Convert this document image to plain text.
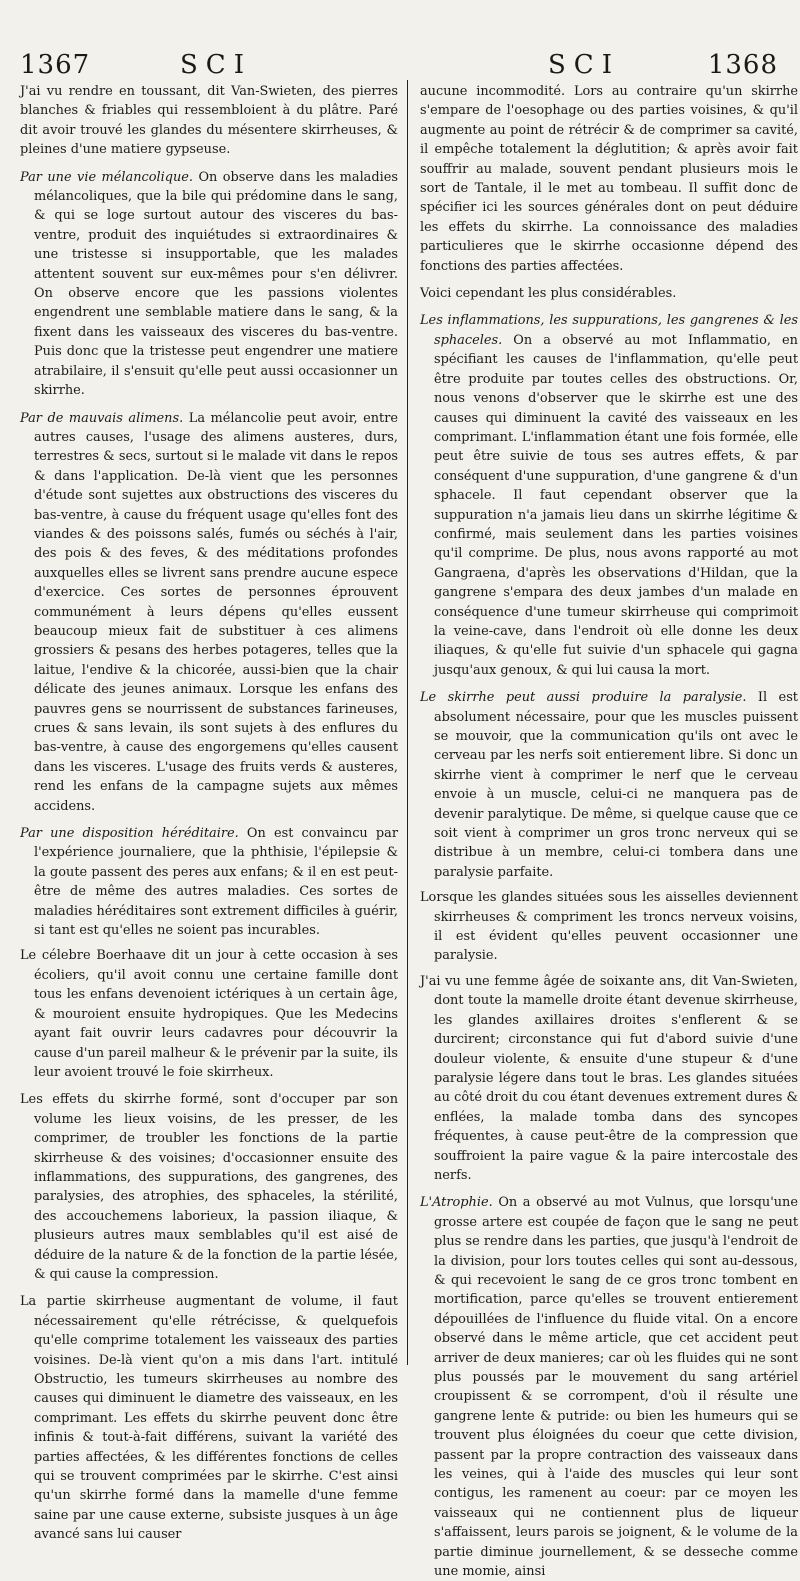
1367	SCI	SCI	1368

J'ai vu rendre en toussant, dit Van-Swieten, des pierres blanches & friables qui ressembloient à du plâtre. Paré dit avoir trouvé les glandes du mésentere skirrheuses, & pleines d'une matiere gypseuse.

Par une vie mélancolique. On observe dans les maladies mélancoliques, que la bile qui prédomine dans le sang, & qui se loge surtout autour des visceres du bas-ventre, produit des inquiétudes si extraordinaires & une tristesse si insupportable, que les malades attentent souvent sur eux-mêmes pour s'en délivrer. On observe encore que les passions violentes engendrent une semblable matiere dans le sang, & la fixent dans les vaisseaux des visceres du bas-ventre. Puis donc que la tristesse peut engendrer une matiere atrabilaire, il s'ensuit qu'elle peut aussi occasionner un skirrhe.

Par de mauvais alimens. La mélancolie peut avoir, entre autres causes, l'usage des alimens austeres, durs, terrestres & secs, surtout si le malade vit dans le repos & dans l'application. De-là vient que les personnes d'étude sont sujettes aux obstructions des visceres du bas-ventre, à cause du fréquent usage qu'elles font des viandes & des poissons salés, fumés ou séchés à l'air, des pois & des feves, & des méditations profondes auxquelles elles se livrent sans prendre aucune espece d'exercice. Ces sortes de personnes éprouvent communément à leurs dépens qu'elles eussent beaucoup mieux fait de substituer à ces alimens grossiers & pesans des herbes potageres, telles que la laitue, l'endive & la chicorée, aussi-bien que la chair délicate des jeunes animaux. Lorsque les enfans des pauvres gens se nourrissent de substances farineuses, crues & sans levain, ils sont sujets à des enflures du bas-ventre, à cause des engorgemens qu'elles causent dans les visceres. L'usage des fruits verds & austeres, rend les enfans de la campagne sujets aux mêmes accidens.

Par une disposition héréditaire. On est convaincu par l'expérience journaliere, que la phthisie, l'épilepsie & la goute passent des peres aux enfans; & il en est peut-être de même des autres maladies. Ces sortes de maladies héréditaires sont extrement difficiles à guérir, si tant est qu'elles ne soient pas incurables.

Le célebre Boerhaave dit un jour à cette occasion à ses écoliers, qu'il avoit connu une certaine famille dont tous les enfans devenoient ictériques à un certain âge, & mouroient ensuite hydropiques. Que les Medecins ayant fait ouvrir leurs cadavres pour découvrir la cause d'un pareil malheur & le prévenir par la suite, ils leur avoient trouvé le foie skirrheux.

Les effets du skirrhe formé, sont d'occuper par son volume les lieux voisins, de les presser, de les comprimer, de troubler les fonctions de la partie skirrheuse & des voisines; d'occasionner ensuite des inflammations, des suppurations, des gangrenes, des paralysies, des atrophies, des sphaceles, la stérilité, des accouchemens laborieux, la passion iliaque, & plusieurs autres maux semblables qu'il est aisé de déduire de la nature & de la fonction de la partie lésée, & qui cause la compression.

La partie skirrheuse augmentant de volume, il faut nécessairement qu'elle rétrécisse, & quelquefois qu'elle comprime totalement les vaisseaux des parties voisines. De-là vient qu'on a mis dans l'art. intitulé Obstructio, les tumeurs skirrheuses au nombre des causes qui diminuent le diametre des vaisseaux, en les comprimant. Les effets du skirrhe peuvent donc être infinis & tout-à-fait différens, suivant la variété des parties affectées, & les différentes fonctions de celles qui se trouvent comprimées par le skirrhe. C'est ainsi qu'un skirrhe formé dans la mamelle d'une femme saine par une cause externe, subsiste jusques à un âge avancé sans lui causer

aucune incommodité. Lors au contraire qu'un skirrhe s'empare de l'oesophage ou des parties voisines, & qu'il augmente au point de rétrécir & de comprimer sa cavité, il empêche totalement la déglutition; & après avoir fait souffrir au malade, souvent pendant plusieurs mois le sort de Tantale, il le met au tombeau. Il suffit donc de spécifier ici les sources générales dont on peut déduire les effets du skirrhe. La connoissance des maladies particulieres que le skirrhe occasionne dépend des fonctions des parties affectées.

Voici cependant les plus considérables.

Les inflammations, les suppurations, les gangrenes & les sphaceles. On a observé au mot Inflammatio, en spécifiant les causes de l'inflammation, qu'elle peut être produite par toutes celles des obstructions. Or, nous venons d'observer que le skirrhe est une des causes qui diminuent la cavité des vaisseaux en les comprimant. L'inflammation étant une fois formée, elle peut être suivie de tous ses autres effets, & par conséquent d'une suppuration, d'une gangrene & d'un sphacele. Il faut cependant observer que la suppuration n'a jamais lieu dans un skirrhe légitime & confirmé, mais seulement dans les parties voisines qu'il comprime. De plus, nous avons rapporté au mot Gangraena, d'après les observations d'Hildan, que la gangrene s'empara des deux jambes d'un malade en conséquence d'une tumeur skirrheuse qui comprimoit la veine-cave, dans l'endroit où elle donne les deux iliaques, & qu'elle fut suivie d'un sphacele qui gagna jusqu'aux genoux, & qui lui causa la mort.

Le skirrhe peut aussi produire la paralysie. Il est absolument nécessaire, pour que les muscles puissent se mouvoir, que la communication qu'ils ont avec le cerveau par les nerfs soit entierement libre. Si donc un skirrhe vient à comprimer le nerf que le cerveau envoie à un muscle, celui-ci ne manquera pas de devenir paralytique. De même, si quelque cause que ce soit vient à comprimer un gros tronc nerveux qui se distribue à un membre, celui-ci tombera dans une paralysie parfaite.

Lorsque les glandes situées sous les aisselles deviennent skirrheuses & compriment les troncs nerveux voisins, il est évident qu'elles peuvent occasionner une paralysie.

J'ai vu une femme âgée de soixante ans, dit Van-Swieten, dont toute la mamelle droite étant devenue skirrheuse, les glandes axillaires droites s'enflerent & se durcirent; circonstance qui fut d'abord suivie d'une douleur violente, & ensuite d'une stupeur & d'une paralysie légere dans tout le bras. Les glandes situées au côté droit du cou étant devenues extrement dures & enflées, la malade tomba dans des syncopes fréquentes, à cause peut-être de la compression que souffroient la paire vague & la paire intercostale des nerfs.

L'Atrophie. On a observé au mot Vulnus, que lorsqu'une grosse artere est coupée de façon que le sang ne peut plus se rendre dans les parties, que jusqu'à l'endroit de la division, pour lors toutes celles qui sont au-dessous, & qui recevoient le sang de ce gros tronc tombent en mortification, parce qu'elles se trouvent entierement dépouillées de l'influence du fluide vital. On a encore observé dans le même article, que cet accident peut arriver de deux manieres; car où les fluides qui ne sont plus poussés par le mouvement du sang artériel croupissent & se corrompent, d'où il résulte une gangrene lente & putride: ou bien les humeurs qui se trouvent plus éloignées du coeur que cette division, passent par la propre contraction des vaisseaux dans les veines, qui à l'aide des muscles qui leur sont contigus, les ramenent au coeur: par ce moyen les vaisseaux qui ne contiennent plus de liqueur s'affaissent, leurs parois se joignent, & le volume de la partie diminue journellement, & se desseche comme une momie, ainsi
